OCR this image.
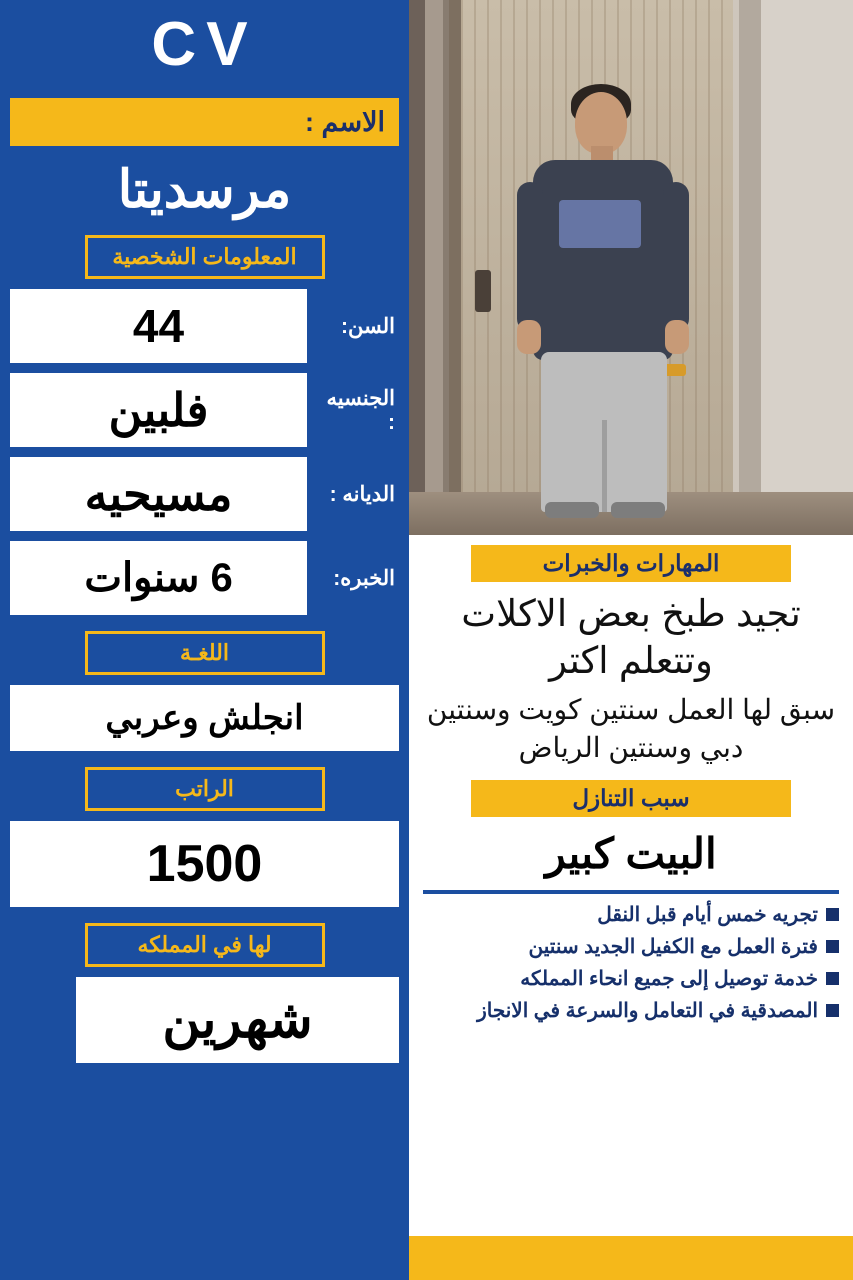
CV
الاسم :
مرسديتا
المعلومات الشخصية
السن:
44
الجنسيه :
فلبين
الديانه :
مسيحيه
الخبره:
6 سنوات
اللغـة
انجلش وعربي
الراتب
1500
لها في المملكه
شهرين
المهارات والخبرات
تجيد طبخ بعض الاكلات وتتعلم اكتر
سبق لها العمل سنتين كويت وسنتين دبي وسنتين الرياض
سبب التنازل
البيت كبير
تجريه خمس أيام قبل النقل
فترة العمل مع الكفيل الجديد سنتين
خدمة توصيل إلى جميع انحاء المملكه
المصدقية في التعامل والسرعة في الانجاز
